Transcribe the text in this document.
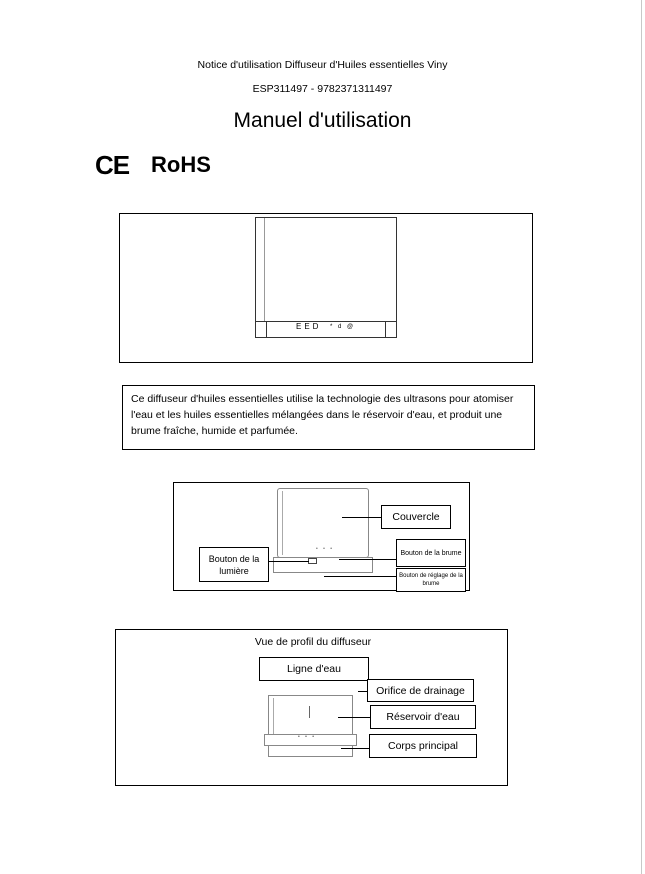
Notice d'utilisation Diffuseur d'Huiles essentielles Viny
ESP311497 - 9782371311497
Manuel d'utilisation
CE RoHS
EED * d @
Ce diffuseur d'huiles essentielles utilise la technologie des ultrasons pour atomiser l'eau et les huiles essentielles mélangées dans le réservoir d'eau, et produit une brume fraîche, humide et parfumée.
• • •
Couvercle
Bouton de la lumière
Bouton de la brume
Bouton de réglage de la brume
Vue de profil du diffuseur
Ligne d'eau
• • •
Orifice de drainage
Réservoir d'eau
Corps principal
